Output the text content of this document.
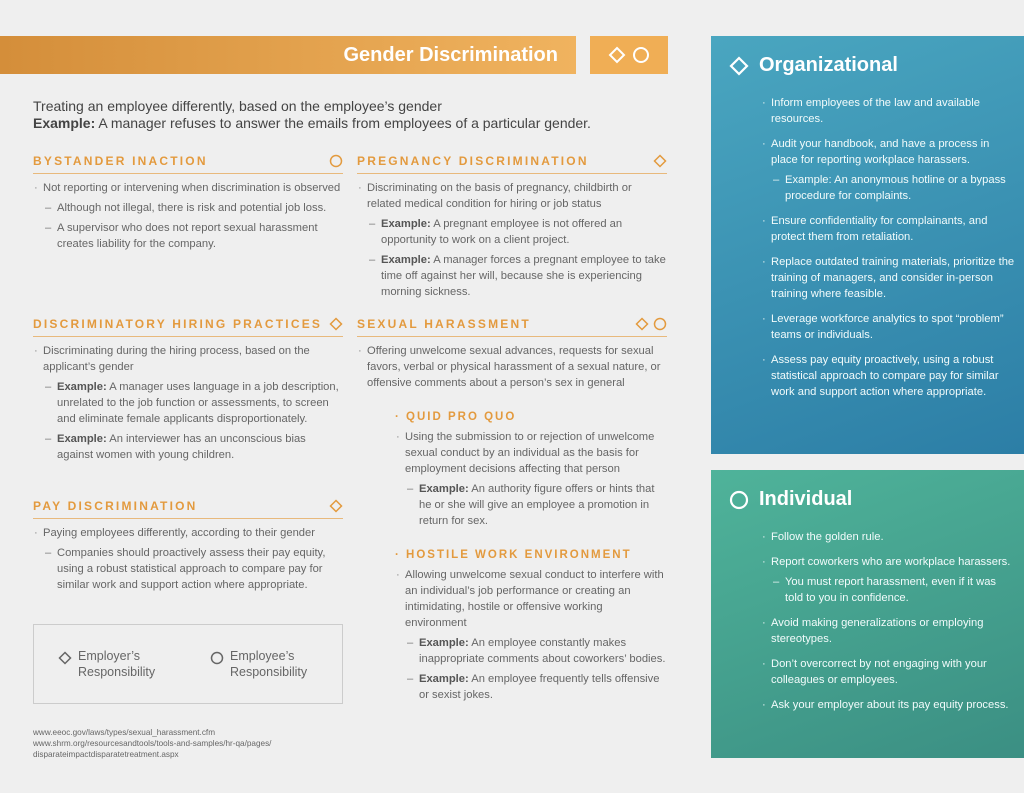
Gender Discrimination
Treating an employee differently, based on the employee’s gender
Example: A manager refuses to answer the emails from employees of a particular gender.
BYSTANDER INACTION
· Not reporting or intervening when discrimination is observed
– Although not illegal, there is risk and potential job loss.
– A supervisor who does not report sexual harassment creates liability for the company.
PREGNANCY DISCRIMINATION
· Discriminating on the basis of pregnancy, childbirth or related medical condition for hiring or job status
– Example: A pregnant employee is not offered an opportunity to work on a client project.
– Example: A manager forces a pregnant employee to take time off against her will, because she is experiencing morning sickness.
DISCRIMINATORY HIRING PRACTICES
· Discriminating during the hiring process, based on the applicant’s gender
– Example: A manager uses language in a job description, unrelated to the job function or assessments, to screen and eliminate female applicants disproportionately.
– Example: An interviewer has an unconscious bias against women with young children.
SEXUAL HARASSMENT
· Offering unwelcome sexual advances, requests for sexual favors, verbal or physical harassment of a sexual nature, or offensive comments about a person’s sex in general
· QUID PRO QUO
· Using the submission to or rejection of unwelcome sexual conduct by an individual as the basis for employment decisions affecting that person
– Example: An authority figure offers or hints that he or she will give an employee a promotion in return for sex.
· HOSTILE WORK ENVIRONMENT
· Allowing unwelcome sexual conduct to interfere with an individual’s job performance or creating an intimidating, hostile or offensive working environment
– Example: An employee constantly makes inappropriate comments about coworkers’ bodies.
– Example: An employee frequently tells offensive or sexist jokes.
PAY DISCRIMINATION
· Paying employees differently, according to their gender
– Companies should proactively assess their pay equity, using a robust statistical approach to compare pay for similar work and support action where appropriate.
Employer’s Responsibility
Employee’s Responsibility
www.eeoc.gov/laws/types/sexual_harassment.cfm
www.shrm.org/resourcesandtools/tools-and-samples/hr-qa/pages/
disparateimpactdisparatetreatment.aspx
Organizational
· Inform employees of the law and available resources.
· Audit your handbook, and have a process in place for reporting workplace harassers.
– Example: An anonymous hotline or a bypass procedure for complaints.
· Ensure confidentiality for complainants, and protect them from retaliation.
· Replace outdated training materials, prioritize the training of managers, and consider in-person training where feasible.
· Leverage workforce analytics to spot “problem” teams or individuals.
· Assess pay equity proactively, using a robust statistical approach to compare pay for similar work and support action where appropriate.
Individual
· Follow the golden rule.
· Report coworkers who are workplace harassers.
– You must report harassment, even if it was told to you in confidence.
· Avoid making generalizations or employing stereotypes.
· Don’t overcorrect by not engaging with your colleagues or employees.
· Ask your employer about its pay equity process.
